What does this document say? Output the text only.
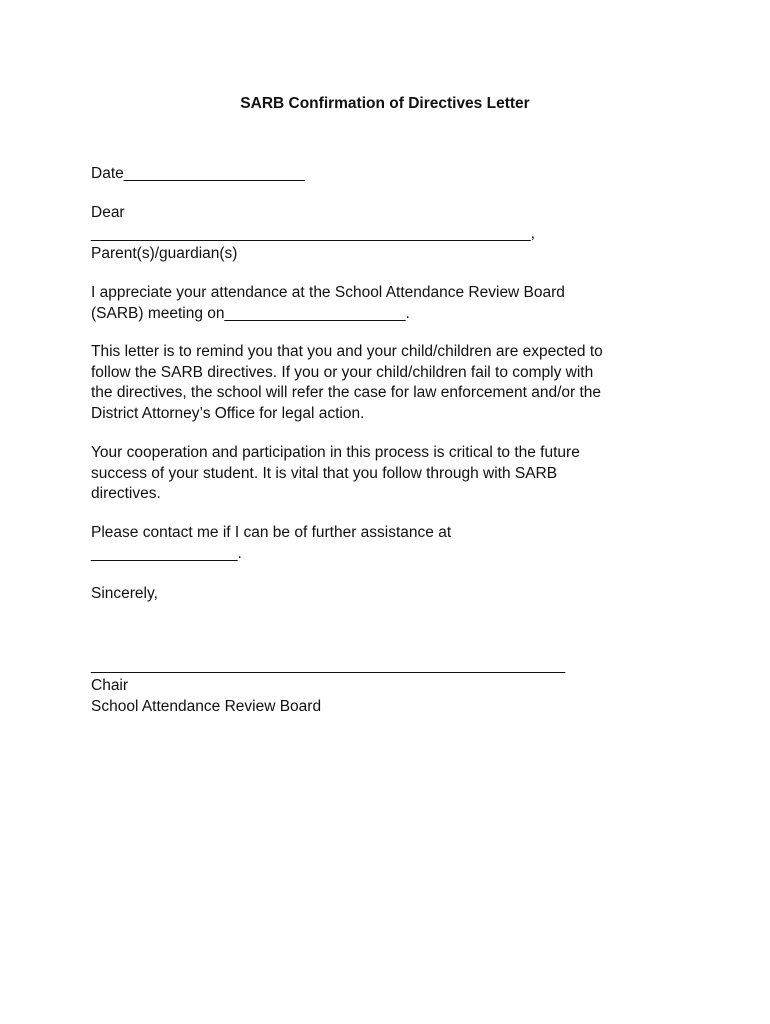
SARB Confirmation of Directives Letter
Date_____________________
Dear
___________________________________________________,
Parent(s)/guardian(s)
I appreciate your attendance at the School Attendance Review Board
(SARB) meeting on_____________________.
This letter is to remind you that you and your child/children are expected to
follow the SARB directives. If you or your child/children fail to comply with
the directives, the school will refer the case for law enforcement and/or the
District Attorney’s Office for legal action.
Your cooperation and participation in this process is critical to the future
success of your student. It is vital that you follow through with SARB
directives.
Please contact me if I can be of further assistance at
_________________.
Sincerely,
_______________________________________________________
Chair
School Attendance Review Board
